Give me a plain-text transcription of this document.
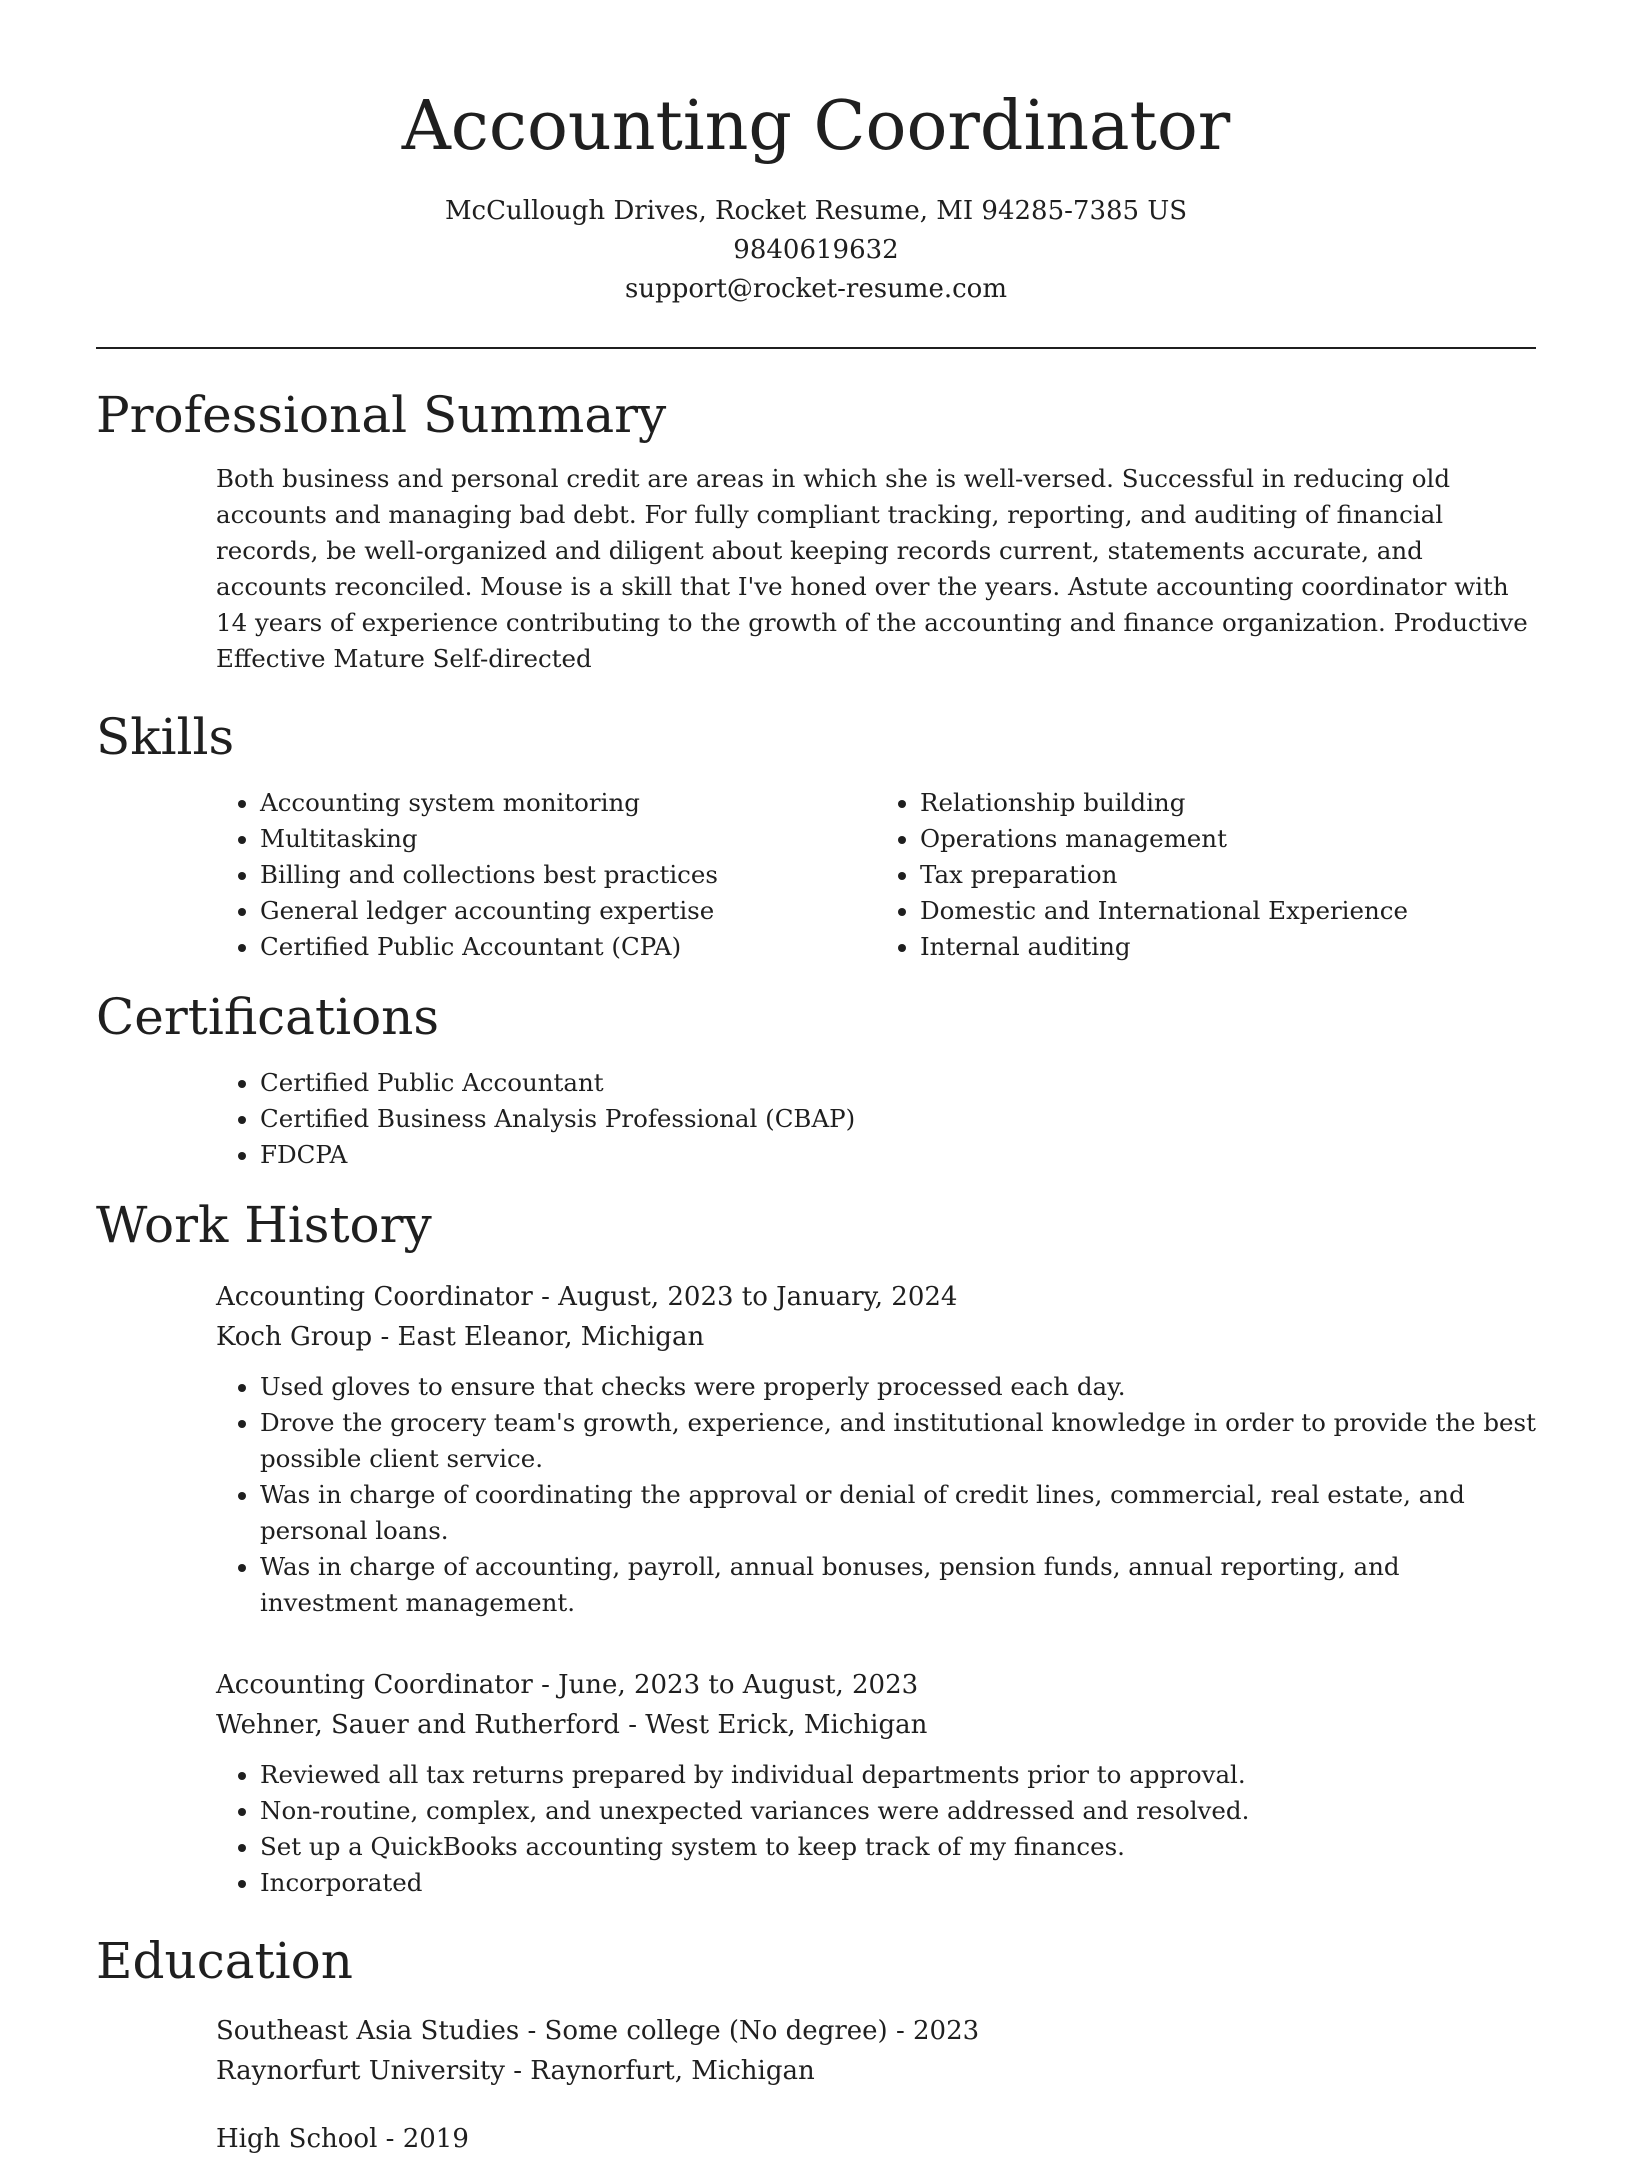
Accounting Coordinator
McCullough Drives, Rocket Resume, MI 94285-7385 US
9840619632
support@rocket-resume.com
Professional Summary

Both business and personal credit are areas in which she is well-versed. Successful in reducing old accounts and managing bad debt. For fully compliant tracking, reporting, and auditing of financial records, be well-organized and diligent about keeping records current, statements accurate, and accounts reconciled. Mouse is a skill that I've honed over the years. Astute accounting coordinator with 14 years of experience contributing to the growth of the accounting and finance organization. Productive Effective Mature Self-directed

Skills
• Accounting system monitoring
• Multitasking
• Billing and collections best practices
• General ledger accounting expertise
• Certified Public Accountant (CPA)
• Relationship building
• Operations management
• Tax preparation
• Domestic and International Experience
• Internal auditing
Certifications
• Certified Public Accountant
• Certified Business Analysis Professional (CBAP)
• FDCPA
Work History
Accounting Coordinator - August, 2023 to January, 2024
Koch Group - East Eleanor, Michigan
• Used gloves to ensure that checks were properly processed each day.
• Drove the grocery team's growth, experience, and institutional knowledge in order to provide the best possible client service.
• Was in charge of coordinating the approval or denial of credit lines, commercial, real estate, and personal loans.
• Was in charge of accounting, payroll, annual bonuses, pension funds, annual reporting, and investment management.
Accounting Coordinator - June, 2023 to August, 2023
Wehner, Sauer and Rutherford - West Erick, Michigan
• Reviewed all tax returns prepared by individual departments prior to approval.
• Non-routine, complex, and unexpected variances were addressed and resolved.
• Set up a QuickBooks accounting system to keep track of my finances.
• Incorporated
Education
Southeast Asia Studies - Some college (No degree) - 2023
Raynorfurt University - Raynorfurt, Michigan
High School - 2019
